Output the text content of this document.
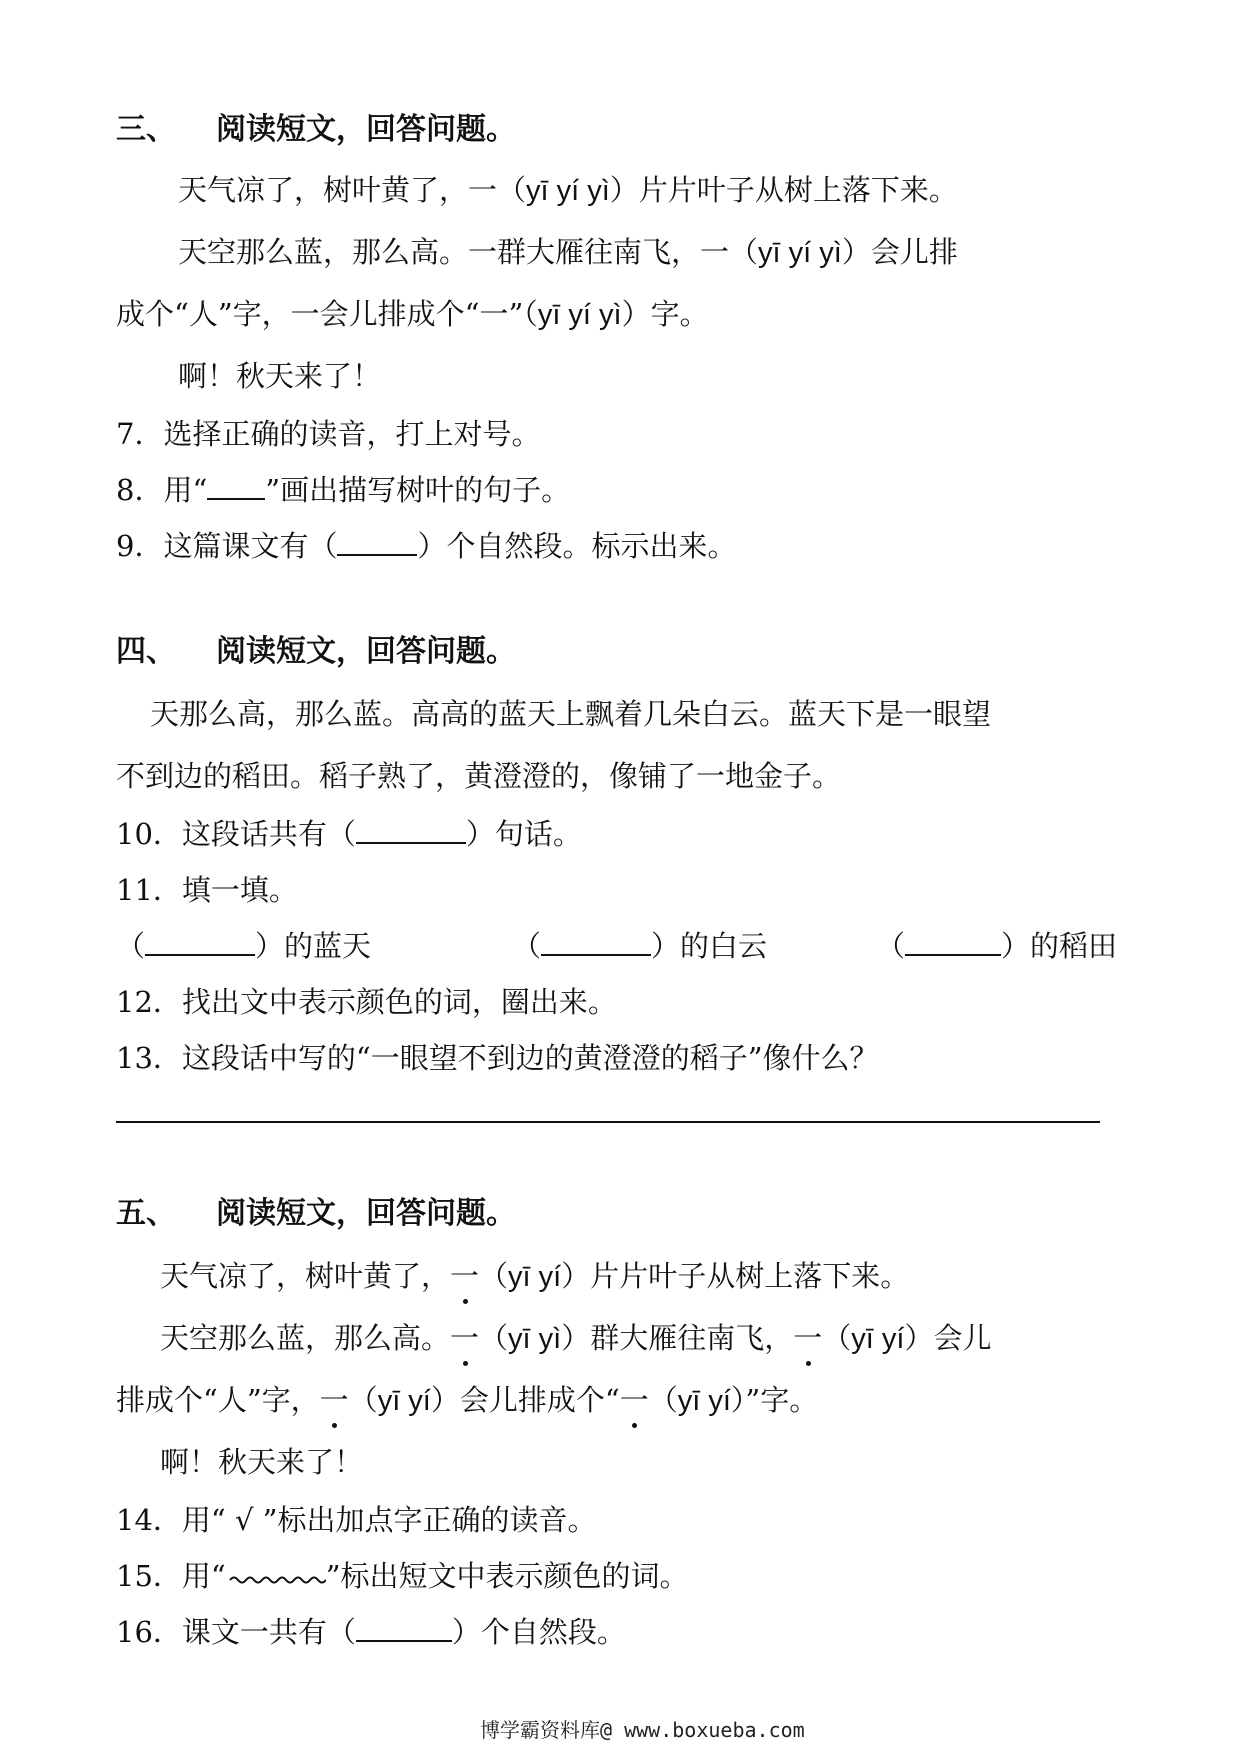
三、 阅读短文，回答问题。
天气凉了，树叶黄了，一（yī yí yì）片片叶子从树上落下来。
天空那么蓝，那么高。一群大雁往南飞，一（yī yí yì）会儿排
成个“人”字，一会儿排成个“一”（yī yí yì）字。
啊！秋天来了！
7．选择正确的读音，打上对号。
8．用“ ”画出描写树叶的句子。
9．这篇课文有（	）个自然段。标示出来。
四、 阅读短文，回答问题。
天那么高，那么蓝。高高的蓝天上飘着几朵白云。蓝天下是一眼望
不到边的稻田。稻子熟了，黄澄澄的，像铺了一地金子。
10．这段话共有（	）句话。
11．填一填。
（	）的蓝天	（	）的白云	（	）的稻田
12．找出文中表示颜色的词，圈出来。
13．这段话中写的“一眼望不到边的黄澄澄的稻子”像什么？
五、 阅读短文，回答问题。
天气凉了，树叶黄了，一（yī yí）片片叶子从树上落下来。
天空那么蓝，那么高。一（yī yì）群大雁往南飞，一（yī yí）会儿
排成个“人”字，一（yī yí）会儿排成个“一（yī yí）”字。
啊！秋天来了！
14．用“ √ ”标出加点字正确的读音。
15．用“	”标出短文中表示颜色的词。
16．课文一共有（	）个自然段。
博学霸资料库@ www.boxueba.com
